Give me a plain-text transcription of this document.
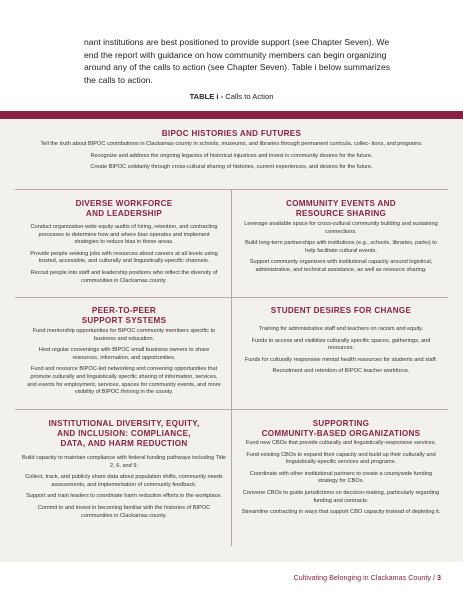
nant institutions are best positioned to provide support (see Chapter Seven). We end the report with guidance on how community members can begin organizing around any of the calls to action (see Chapter Seven). Table i below summarizes the calls to action.
TABLE i - Calls to Action
BIPOC HISTORIES AND FUTURES

Tell the truth about BIPOC contributions in Clackamas county in schools, museums, and libraries through permanent curricula, collec- tions, and programs.

Recognize and address the ongoing legacies of historical injustices and invest in community desires for the future.

Create BIPOC solidarity through cross-cultural sharing of histories, current experiences, and desires for the future.

DIVERSE WORKFORCE
AND LEADERSHIP

Conduct organization-wide equity audits of hiring, retention, and contracting processes to determine how and where bias operates and implement strategies to reduce bias in these areas.

Provide people seeking jobs with resources about careers at all levels using trusted, accessible, and culturally and linguistically-specific channels.

Recruit people into staff and leadership positions who reflect the diversity of communities in Clackamas county.

COMMUNITY EVENTS AND
RESOURCE SHARING

Leverage available space for cross-cultural community building and sustaining connections.

Build long-term partnerships with institutions (e.g., schools, libraries, parks) to help facilitate cultural events.

Support community organizers with institutional capacity around logistical, administrative, and technical assistance, as well as resource sharing.

PEER-TO-PEER
SUPPORT SYSTEMS

Fund mentorship opportunities for BIPOC community members specific to business and education.

Host regular convenings with BIPOC small business owners to share resources, information, and opportunities.

Fund and resource BIPOC-led networking and convening opportunities that promote culturally and linguistically specific sharing of information, services, and events for employment, services, spaces for community events, and more visibility of BIPOC thriving in the county.

STUDENT DESIRES FOR CHANGE

Training for administrative staff and teachers on racism and equity.

Funds to access and visibilize culturally specific spaces, gatherings, and resources.

Funds for culturally responsive mental health resources for students and staff.

Recruitment and retention of BIPOC teacher workforce.

INSTITUTIONAL DIVERSITY, EQUITY,
AND INCLUSION: COMPLIANCE,
DATA, AND HARM REDUCTION

Build capacity to maintain compliance with federal funding pathways including Title 2, 6, and 9.

Collect, track, and publicly share data about population shifts, community needs assessments, and implementation of community feedback.

Support and train leaders to coordinate harm reduction efforts in the workplace.

Commit to and invest in becoming familiar with the histories of BIPOC communities in Clackamas county.

SUPPORTING
COMMUNITY-BASED ORGANIZATIONS

Fund new CBOs that provide culturally and linguistically-responsive services.

Fund existing CBOs to expand their capacity and build up their culturally and linguistically-specific services and programs.

Coordinate with other institutional partners to create a countywide funding strategy for CBOs.

Convene CBOs to guide jurisdictions on decision-making, particularly regarding funding and contracts.

Streamline contracting in ways that support CBO capacity instead of depleting it.

Cultivating Belonging in Clackamas County / 3
